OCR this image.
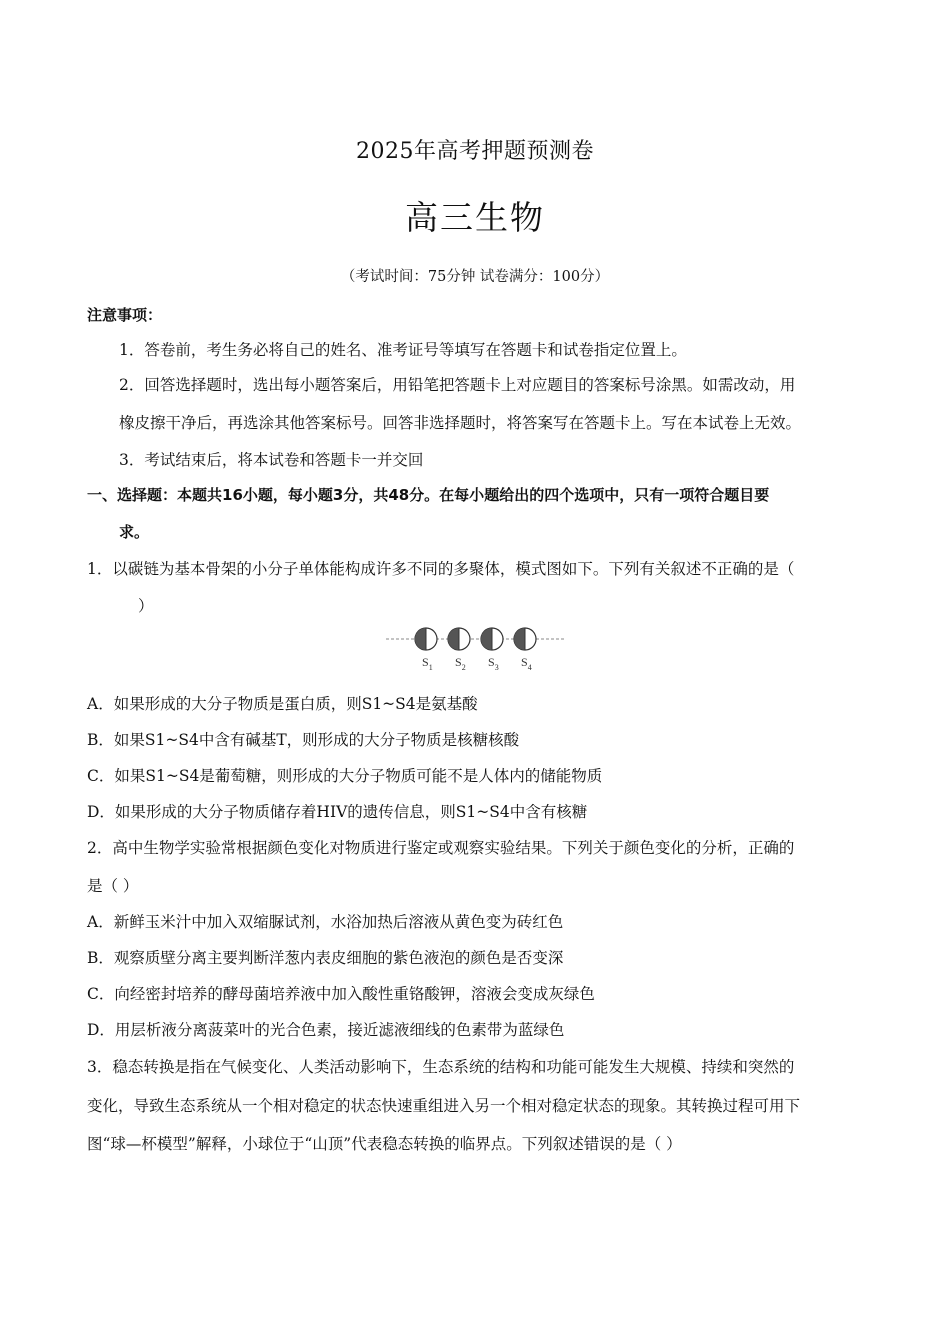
2025年高考押题预测卷
高三生物
（考试时间：75分钟 试卷满分：100分）
注意事项：
1．答卷前，考生务必将自己的姓名、准考证号等填写在答题卡和试卷指定位置上。
2．回答选择题时，选出每小题答案后，用铅笔把答题卡上对应题目的答案标号涂黑。如需改动，用
橡皮擦干净后，再选涂其他答案标号。回答非选择题时，将答案写在答题卡上。写在本试卷上无效。
3．考试结束后，将本试卷和答题卡一并交回
一、选择题：本题共16小题，每小题3分，共48分。在每小题给出的四个选项中，只有一项符合题目要
求。
1．以碳链为基本骨架的小分子单体能构成许多不同的多聚体，模式图如下。下列有关叙述不正确的是（
）
$S_1$ $S_2$ $S_3$ $S_4$
A．如果形成的大分子物质是蛋白质，则S1~S4是氨基酸
B．如果S1~S4中含有碱基T，则形成的大分子物质是核糖核酸
C．如果S1~S4是葡萄糖，则形成的大分子物质可能不是人体内的储能物质
D．如果形成的大分子物质储存着HIV的遗传信息，则S1~S4中含有核糖
2．高中生物学实验常根据颜色变化对物质进行鉴定或观察实验结果。下列关于颜色变化的分析，正确的
是（ ）
A．新鲜玉米汁中加入双缩脲试剂，水浴加热后溶液从黄色变为砖红色
B．观察质壁分离主要判断洋葱内表皮细胞的紫色液泡的颜色是否变深
C．向经密封培养的酵母菌培养液中加入酸性重铬酸钾，溶液会变成灰绿色
D．用层析液分离菠菜叶的光合色素，接近滤液细线的色素带为蓝绿色
3．稳态转换是指在气候变化、人类活动影响下，生态系统的结构和功能可能发生大规模、持续和突然的
变化，导致生态系统从一个相对稳定的状态快速重组进入另一个相对稳定状态的现象。其转换过程可用下
图“球—杯模型”解释，小球位于“山顶”代表稳态转换的临界点。下列叙述错误的是（ ）
